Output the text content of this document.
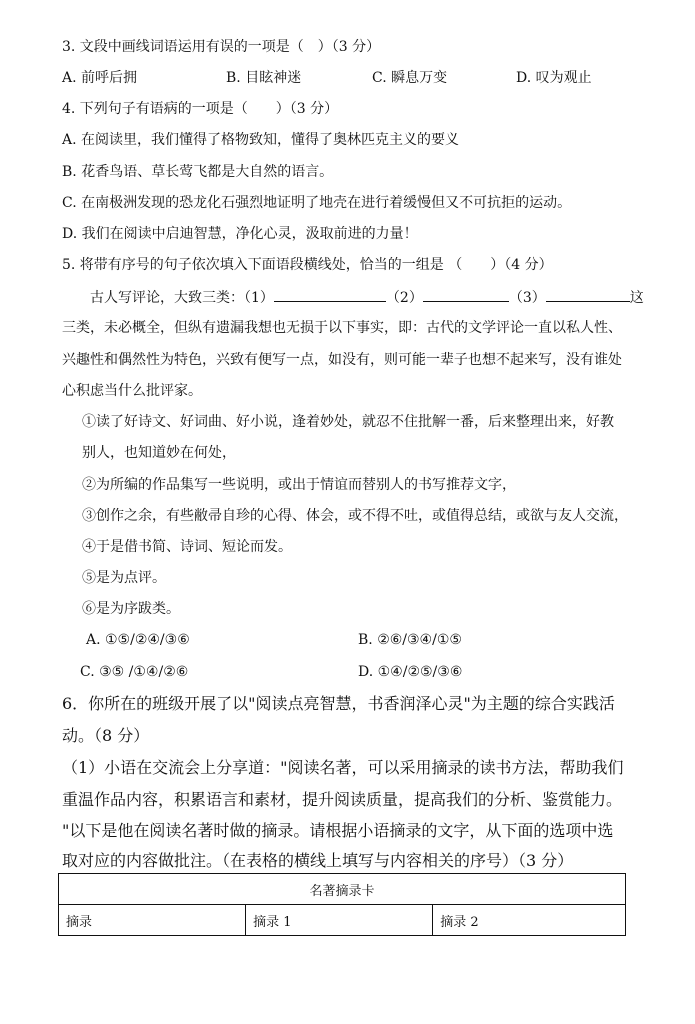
3. 文段中画线词语运用有误的一项是（　）（3 分）
A. 前呼后拥	B. 目眩神迷	C. 瞬息万变	D. 叹为观止
4. 下列句子有语病的一项是（　　）（3 分）
A. 在阅读里，我们懂得了格物致知，懂得了奥林匹克主义的要义
B. 花香鸟语、草长莺飞都是大自然的语言。
C. 在南极洲发现的恐龙化石强烈地证明了地壳在进行着缓慢但又不可抗拒的运动。
D. 我们在阅读中启迪智慧，净化心灵，汲取前进的力量！
5. 将带有序号的句子依次填入下面语段横线处，恰当的一组是 （　　）（4 分）
古人写评论，大致三类：（1）	（2）	（3）	这
三类，未必概全，但纵有遗漏我想也无损于以下事实，即：古代的文学评论一直以私人性、
兴趣性和偶然性为特色，兴致有便写一点，如没有，则可能一辈子也想不起来写，没有谁处
心积虑当什么批评家。
①读了好诗文、好词曲、好小说，逢着妙处，就忍不住批解一番，后来整理出来，好教
别人，也知道妙在何处，
②为所编的作品集写一些说明，或出于情谊而替别人的书写推荐文字，
③创作之余，有些敝帚自珍的心得、体会，或不得不吐，或值得总结，或欲与友人交流，
④于是借书简、诗词、短论而发。
⑤是为点评。
⑥是为序跋类。
A. ①⑤/②④/③⑥	B. ②⑥/③④/①⑤
C. ③⑤ /①④/②⑥	D. ①④/②⑤/③⑥
6．你所在的班级开展了以"阅读点亮智慧，书香润泽心灵"为主题的综合实践活
动。（8 分）
（1）小语在交流会上分享道："阅读名著，可以采用摘录的读书方法，帮助我们
重温作品内容，积累语言和素材，提升阅读质量，提高我们的分析、鉴赏能力。
"以下是他在阅读名著时做的摘录。请根据小语摘录的文字，从下面的选项中选
取对应的内容做批注。（在表格的横线上填写与内容相关的序号）（3 分）
名著摘录卡
摘录	摘录 1	摘录 2
